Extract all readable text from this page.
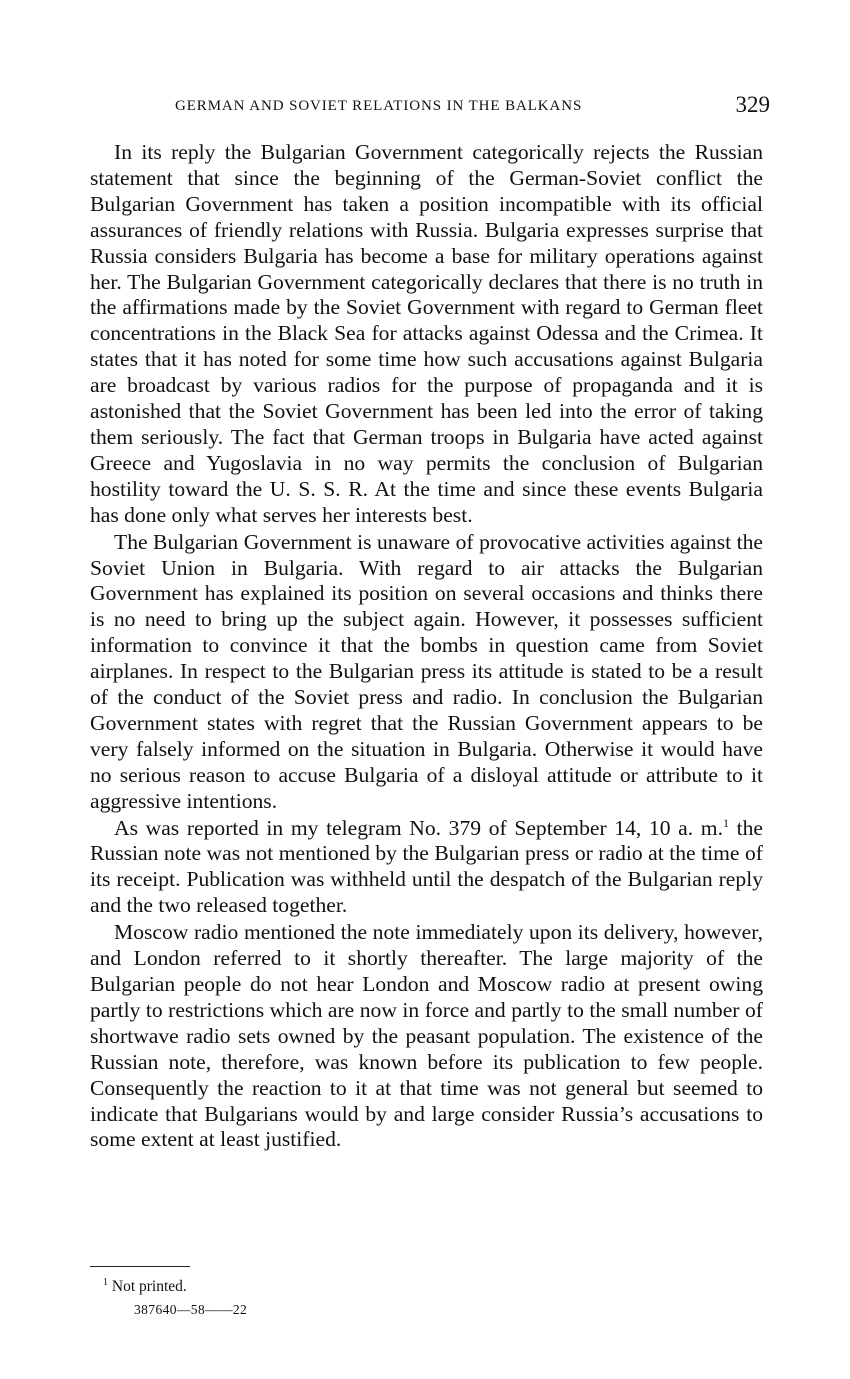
GERMAN AND SOVIET RELATIONS IN THE BALKANS	329

In its reply the Bulgarian Government categorically rejects the Russian statement that since the beginning of the German-Soviet conflict the Bulgarian Government has taken a position incompatible with its official assurances of friendly relations with Russia. Bulgaria expresses surprise that Russia considers Bulgaria has become a base for military operations against her. The Bulgarian Government categorically declares that there is no truth in the affirmations made by the Soviet Government with regard to German fleet concentrations in the Black Sea for attacks against Odessa and the Crimea. It states that it has noted for some time how such accusations against Bulgaria are broadcast by various radios for the purpose of propaganda and it is astonished that the Soviet Government has been led into the error of taking them seriously. The fact that German troops in Bulgaria have acted against Greece and Yugoslavia in no way permits the conclusion of Bulgarian hostility toward the U. S. S. R. At the time and since these events Bulgaria has done only what serves her interests best.

The Bulgarian Government is unaware of provocative activities against the Soviet Union in Bulgaria. With regard to air attacks the Bulgarian Government has explained its position on several occasions and thinks there is no need to bring up the subject again. However, it possesses sufficient information to convince it that the bombs in question came from Soviet airplanes. In respect to the Bulgarian press its attitude is stated to be a result of the conduct of the Soviet press and radio. In conclusion the Bulgarian Government states with regret that the Russian Government appears to be very falsely informed on the situation in Bulgaria. Otherwise it would have no serious reason to accuse Bulgaria of a disloyal attitude or attribute to it aggressive intentions.

As was reported in my telegram No. 379 of September 14, 10 a. m.$^1$ the Russian note was not mentioned by the Bulgarian press or radio at the time of its receipt. Publication was withheld until the despatch of the Bulgarian reply and the two released together.

Moscow radio mentioned the note immediately upon its delivery, however, and London referred to it shortly thereafter. The large majority of the Bulgarian people do not hear London and Moscow radio at present owing partly to restrictions which are now in force and partly to the small number of shortwave radio sets owned by the peasant population. The existence of the Russian note, therefore, was known before its publication to few people. Consequently the reaction to it at that time was not general but seemed to indicate that Bulgarians would by and large consider Russia’s accusations to some extent at least justified.

$^1$ Not printed.
387640—58——22
